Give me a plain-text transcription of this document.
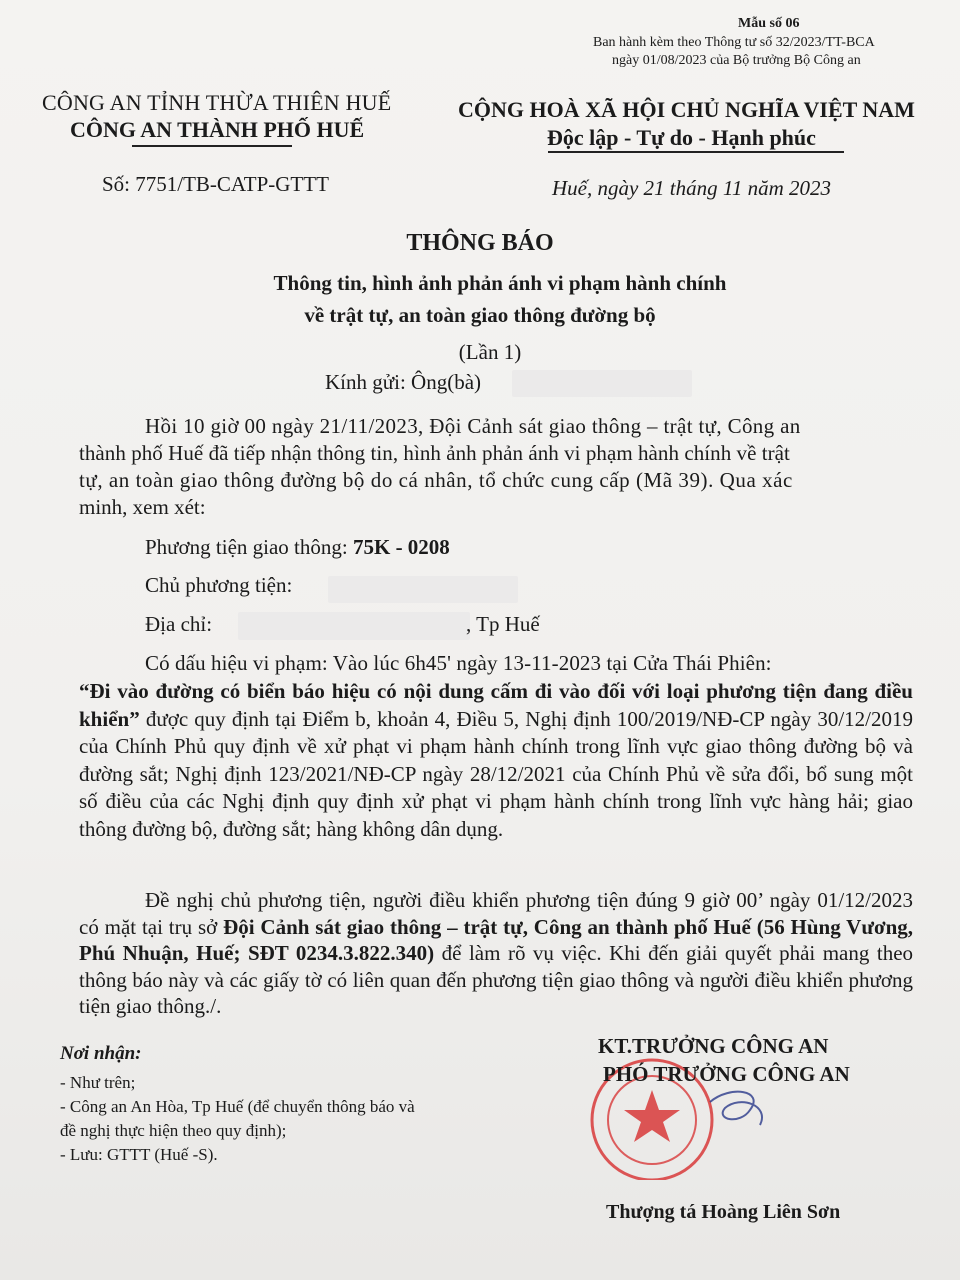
Mẫu số 06
Ban hành kèm theo Thông tư số 32/2023/TT-BCA
ngày 01/08/2023 của Bộ trưởng Bộ Công an
CÔNG AN TỈNH THỪA THIÊN HUẾ
CÔNG AN THÀNH PHỐ HUẾ
Số: 7751/TB-CATP-GTTT
CỘNG HOÀ XÃ HỘI CHỦ NGHĨA VIỆT NAM
Độc lập - Tự do - Hạnh phúc
Huế, ngày 21 tháng 11 năm 2023
THÔNG BÁO
Thông tin, hình ảnh phản ánh vi phạm hành chính
về trật tự, an toàn giao thông đường bộ
(Lần 1)
Kính gửi: Ông(bà)
Hồi 10 giờ 00 ngày 21/11/2023, Đội Cảnh sát giao thông – trật tự, Công an
thành phố Huế đã tiếp nhận thông tin, hình ảnh phản ánh vi phạm hành chính về trật
tự, an toàn giao thông đường bộ do cá nhân, tổ chức cung cấp (Mã 39). Qua xác
minh, xem xét:
Phương tiện giao thông: 75K - 0208
Chủ phương tiện:
Địa chỉ:	, Tp Huế
Có dấu hiệu vi phạm: Vào lúc 6h45' ngày 13-11-2023 tại Cửa Thái Phiên:
“Đi vào đường có biển báo hiệu có nội dung cấm đi vào đối với loại phương tiện đang điều khiển” được quy định tại Điểm b, khoản 4, Điều 5, Nghị định 100/2019/NĐ-CP ngày 30/12/2019 của Chính Phủ quy định về xử phạt vi phạm hành chính trong lĩnh vực giao thông đường bộ và đường sắt; Nghị định 123/2021/NĐ-CP ngày 28/12/2021 của Chính Phủ về sửa đổi, bổ sung một số điều của các Nghị định quy định xử phạt vi phạm hành chính trong lĩnh vực hàng hải; giao thông đường bộ, đường sắt; hàng không dân dụng.
Đề nghị chủ phương tiện, người điều khiển phương tiện đúng 9 giờ 00’ ngày 01/12/2023 có mặt tại trụ sở Đội Cảnh sát giao thông – trật tự, Công an thành phố Huế (56 Hùng Vương, Phú Nhuận, Huế; SĐT 0234.3.822.340) để làm rõ vụ việc. Khi đến giải quyết phải mang theo thông báo này và các giấy tờ có liên quan đến phương tiện giao thông và người điều khiển phương tiện giao thông./.
Nơi nhận:
- Như trên;
- Công an An Hòa, Tp Huế (để chuyển thông báo và
đề nghị thực hiện theo quy định);
- Lưu: GTTT (Huế -S).
KT.TRƯỞNG CÔNG AN
PHÓ TRƯỞNG CÔNG AN
Thượng tá Hoàng Liên Sơn
